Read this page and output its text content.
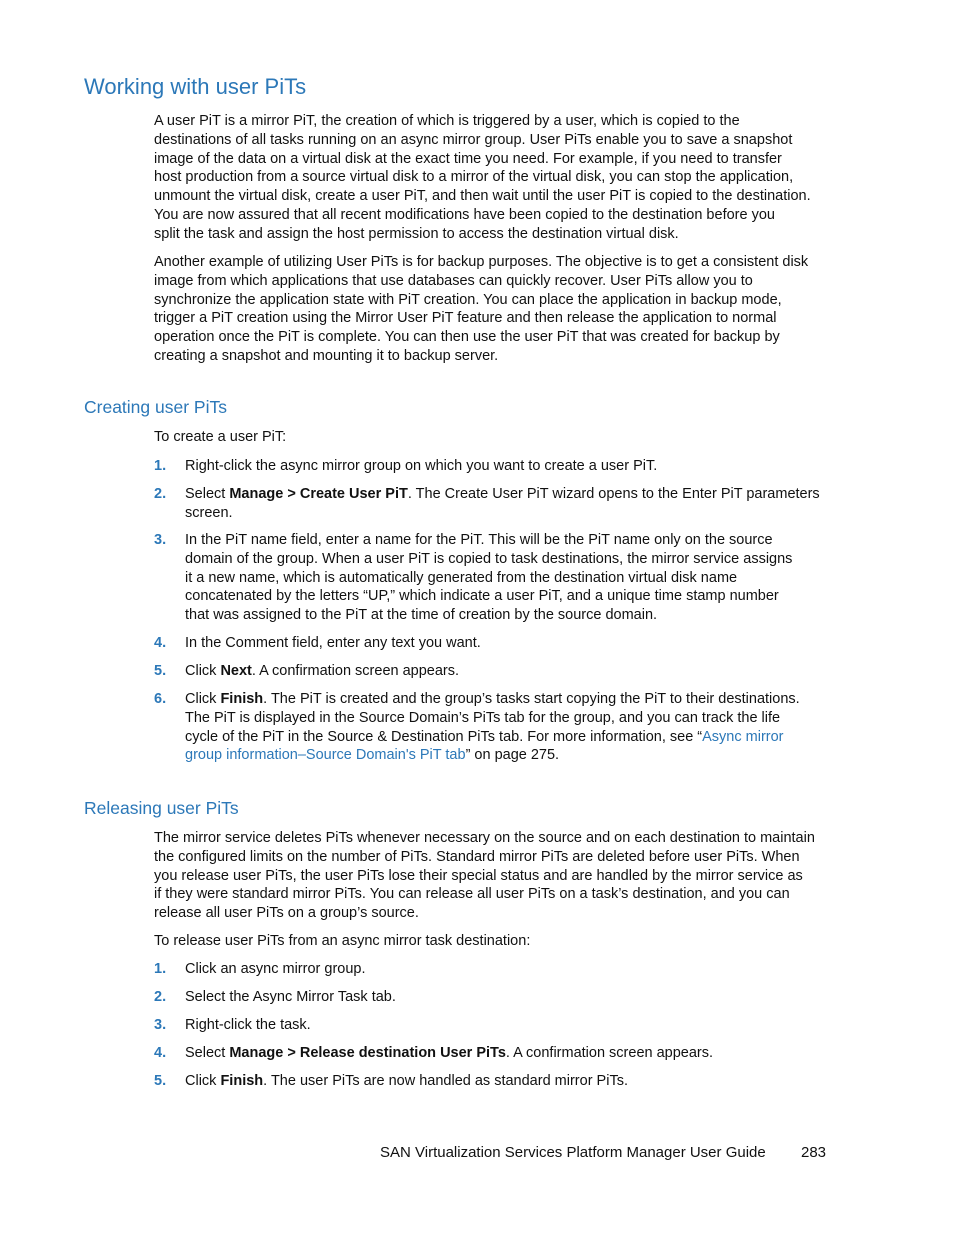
Working with user PiTs
A user PiT is a mirror PiT, the creation of which is triggered by a user, which is copied to the
destinations of all tasks running on an async mirror group. User PiTs enable you to save a snapshot
image of the data on a virtual disk at the exact time you need. For example, if you need to transfer
host production from a source virtual disk to a mirror of the virtual disk, you can stop the application,
unmount the virtual disk, create a user PiT, and then wait until the user PiT is copied to the destination.
You are now assured that all recent modifications have been copied to the destination before you
split the task and assign the host permission to access the destination virtual disk.
Another example of utilizing User PiTs is for backup purposes. The objective is to get a consistent disk
image from which applications that use databases can quickly recover. User PiTs allow you to
synchronize the application state with PiT creation. You can place the application in backup mode,
trigger a PiT creation using the Mirror User PiT feature and then release the application to normal
operation once the PiT is complete. You can then use the user PiT that was created for backup by
creating a snapshot and mounting it to backup server.
Creating user PiTs
To create a user PiT:
1. Right-click the async mirror group on which you want to create a user PiT.
2. Select Manage > Create User PiT. The Create User PiT wizard opens to the Enter PiT parameters
screen.
3. In the PiT name field, enter a name for the PiT. This will be the PiT name only on the source
domain of the group. When a user PiT is copied to task destinations, the mirror service assigns
it a new name, which is automatically generated from the destination virtual disk name
concatenated by the letters “UP,” which indicate a user PiT, and a unique time stamp number
that was assigned to the PiT at the time of creation by the source domain.
4. In the Comment field, enter any text you want.
5. Click Next. A confirmation screen appears.
6. Click Finish. The PiT is created and the group’s tasks start copying the PiT to their destinations.
The PiT is displayed in the Source Domain’s PiTs tab for the group, and you can track the life
cycle of the PiT in the Source & Destination PiTs tab. For more information, see “Async mirror
group information–Source Domain's PiT tab” on page 275.
Releasing user PiTs
The mirror service deletes PiTs whenever necessary on the source and on each destination to maintain
the configured limits on the number of PiTs. Standard mirror PiTs are deleted before user PiTs. When
you release user PiTs, the user PiTs lose their special status and are handled by the mirror service as
if they were standard mirror PiTs. You can release all user PiTs on a task’s destination, and you can
release all user PiTs on a group’s source.
To release user PiTs from an async mirror task destination:
1. Click an async mirror group.
2. Select the Async Mirror Task tab.
3. Right-click the task.
4. Select Manage > Release destination User PiTs. A confirmation screen appears.
5. Click Finish. The user PiTs are now handled as standard mirror PiTs.
SAN Virtualization Services Platform Manager User Guide 283
